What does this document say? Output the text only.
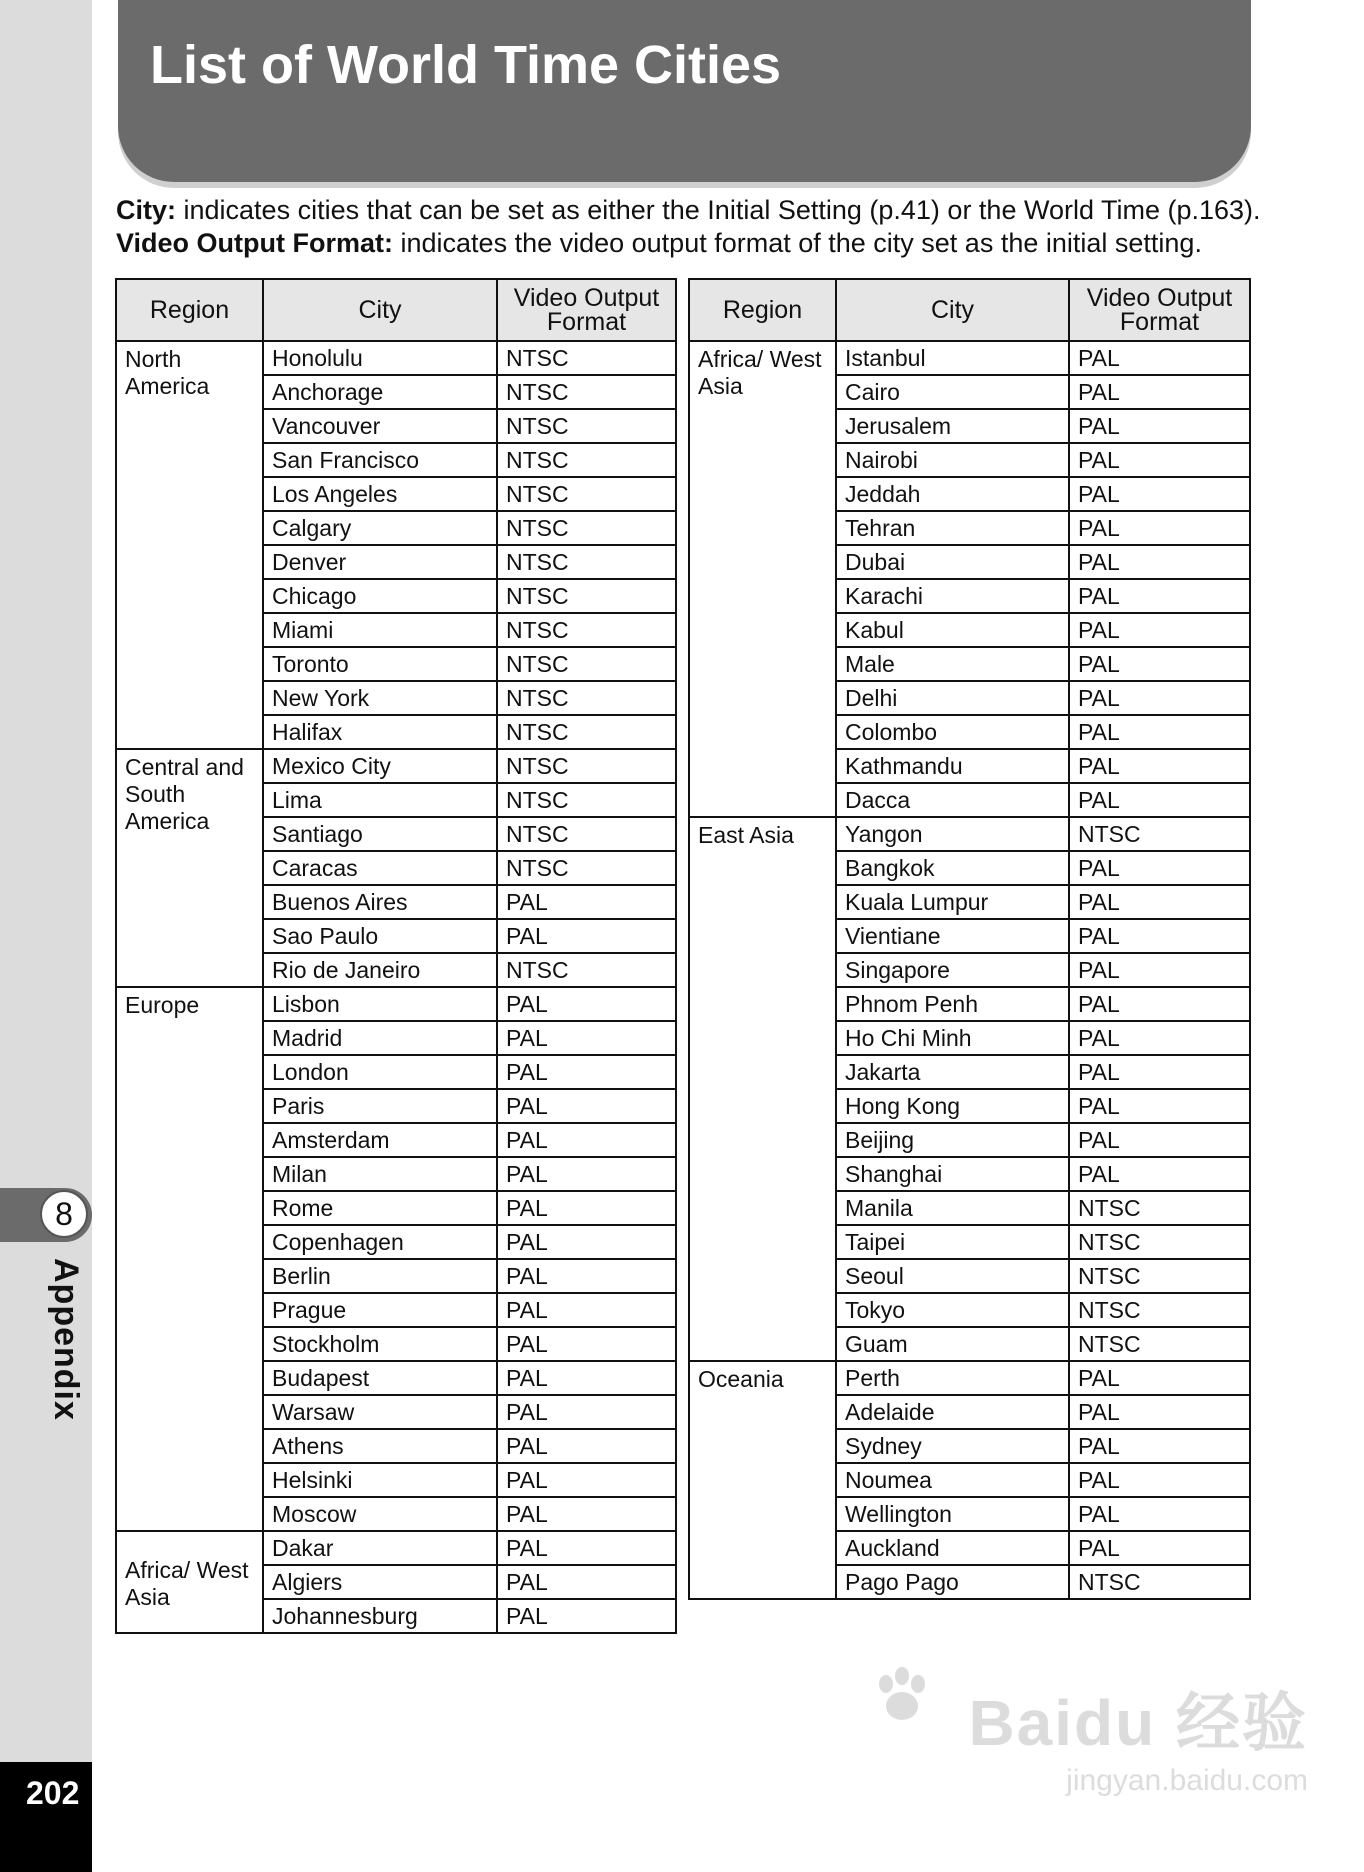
8
Appendix
202
List of World Time Cities
City: indicates cities that can be set as either the Initial Setting (p.41) or the World Time (p.163).
Video Output Format: indicates the video output format of the city set as the initial setting.
Region	City	Video Output Format
North America	Honolulu	NTSC
	Anchorage	NTSC
	Vancouver	NTSC
	San Francisco	NTSC
	Los Angeles	NTSC
	Calgary	NTSC
	Denver	NTSC
	Chicago	NTSC
	Miami	NTSC
	Toronto	NTSC
	New York	NTSC
	Halifax	NTSC
Central and South America	Mexico City	NTSC
	Lima	NTSC
	Santiago	NTSC
	Caracas	NTSC
	Buenos Aires	PAL
	Sao Paulo	PAL
	Rio de Janeiro	NTSC
Europe	Lisbon	PAL
	Madrid	PAL
	London	PAL
	Paris	PAL
	Amsterdam	PAL
	Milan	PAL
	Rome	PAL
	Copenhagen	PAL
	Berlin	PAL
	Prague	PAL
	Stockholm	PAL
	Budapest	PAL
	Warsaw	PAL
	Athens	PAL
	Helsinki	PAL
	Moscow	PAL
Africa/ West Asia	Dakar	PAL
	Algiers	PAL
	Johannesburg	PAL
Region	City	Video Output Format
Africa/ West Asia	Istanbul	PAL
	Cairo	PAL
	Jerusalem	PAL
	Nairobi	PAL
	Jeddah	PAL
	Tehran	PAL
	Dubai	PAL
	Karachi	PAL
	Kabul	PAL
	Male	PAL
	Delhi	PAL
	Colombo	PAL
	Kathmandu	PAL
	Dacca	PAL
East Asia	Yangon	NTSC
	Bangkok	PAL
	Kuala Lumpur	PAL
	Vientiane	PAL
	Singapore	PAL
	Phnom Penh	PAL
	Ho Chi Minh	PAL
	Jakarta	PAL
	Hong Kong	PAL
	Beijing	PAL
	Shanghai	PAL
	Manila	NTSC
	Taipei	NTSC
	Seoul	NTSC
	Tokyo	NTSC
	Guam	NTSC
Oceania	Perth	PAL
	Adelaide	PAL
	Sydney	PAL
	Noumea	PAL
	Wellington	PAL
	Auckland	PAL
	Pago Pago	NTSC
Baidu 经验
jingyan.baidu.com
